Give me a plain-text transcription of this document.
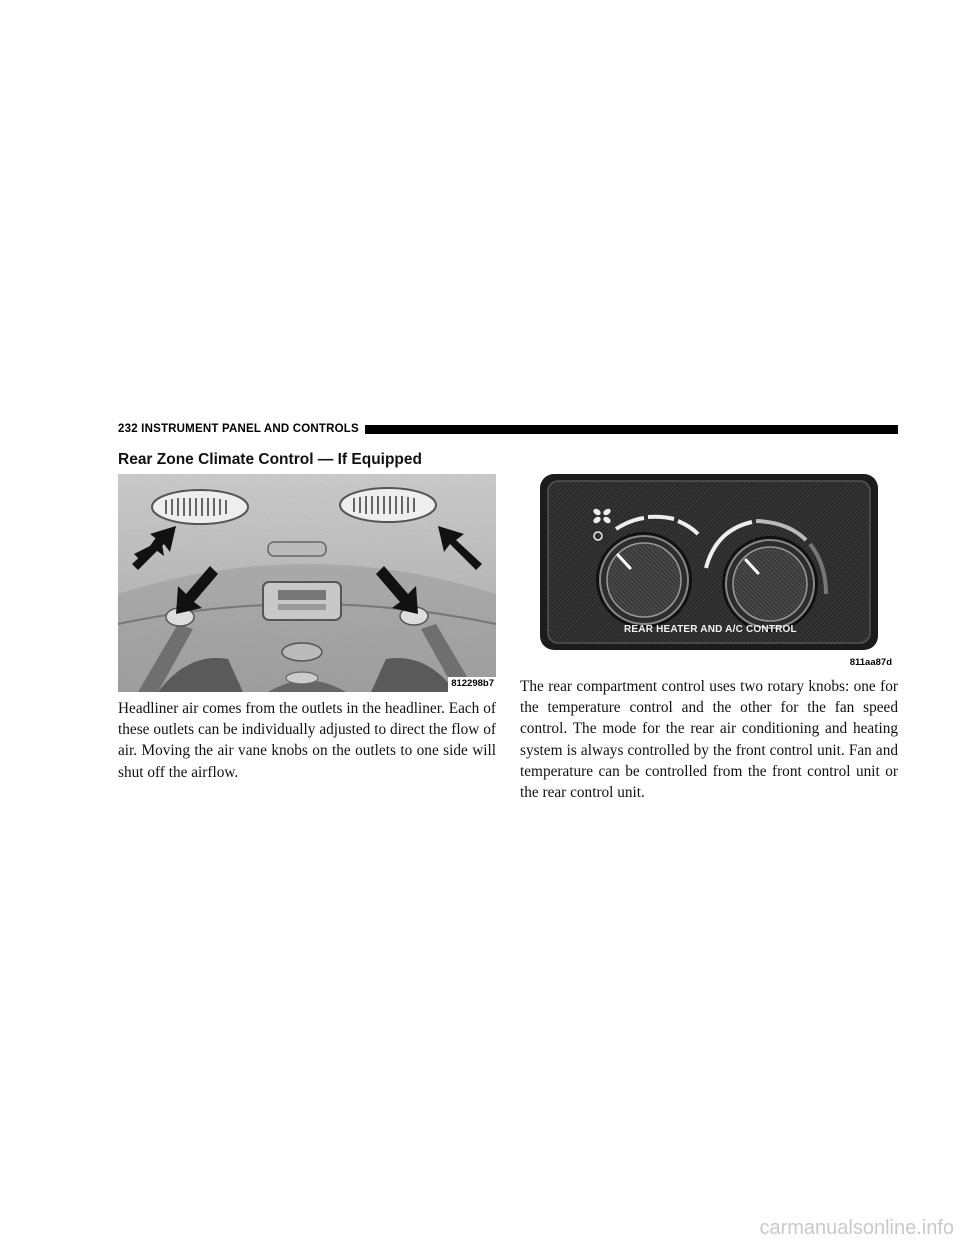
232 INSTRUMENT PANEL AND CONTROLS
Rear Zone Climate Control — If Equipped
812298b7
REAR HEATER AND A/C CONTROL
811aa87d

Headliner air comes from the outlets in the headliner. Each of these outlets can be individually adjusted to direct the flow of air. Moving the air vane knobs on the outlets to one side will shut off the airflow.

The rear compartment control uses two rotary knobs: one for the temperature control and the other for the fan speed control. The mode for the rear air conditioning and heating system is always controlled by the front control unit. Fan and temperature can be controlled from the front control unit or the rear control unit.

carmanualsonline.info
